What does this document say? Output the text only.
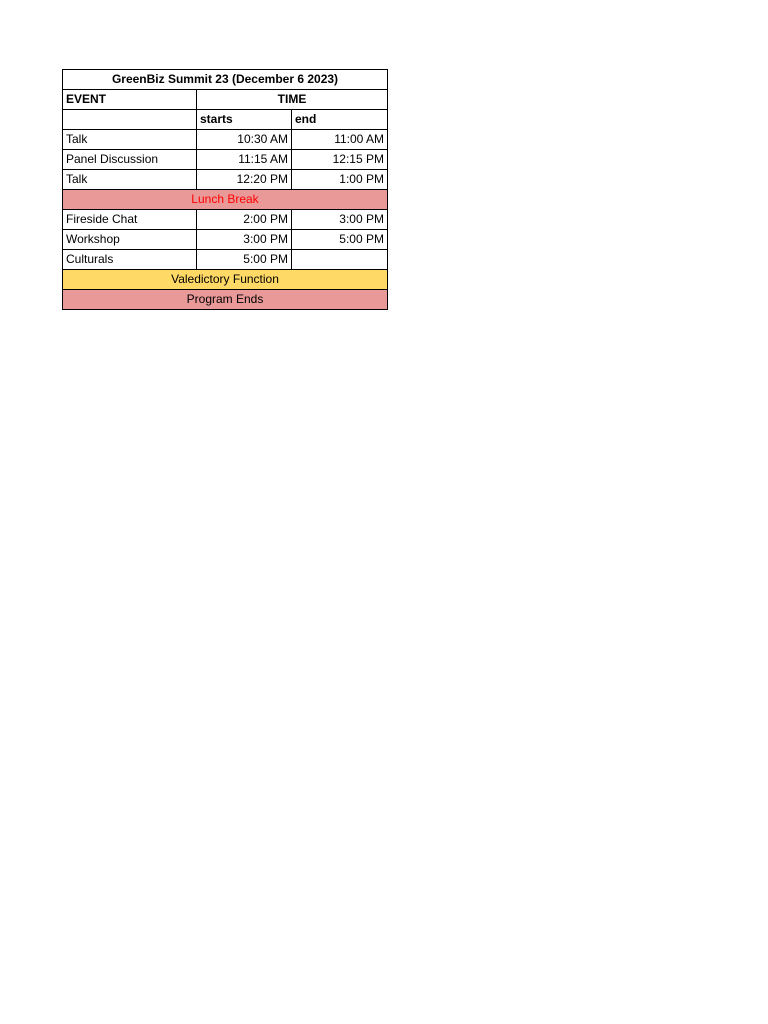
GreenBiz Summit 23 (December 6 2023)		
EVENT	TIME	
	starts	end
Talk	10:30 AM	11:00 AM
Panel Discussion	11:15 AM	12:15 PM
Talk	12:20 PM	1:00 PM
Lunch Break		
Fireside Chat	2:00 PM	3:00 PM
Workshop	3:00 PM	5:00 PM
Culturals	5:00 PM	
Valedictory Function		
Program Ends		
